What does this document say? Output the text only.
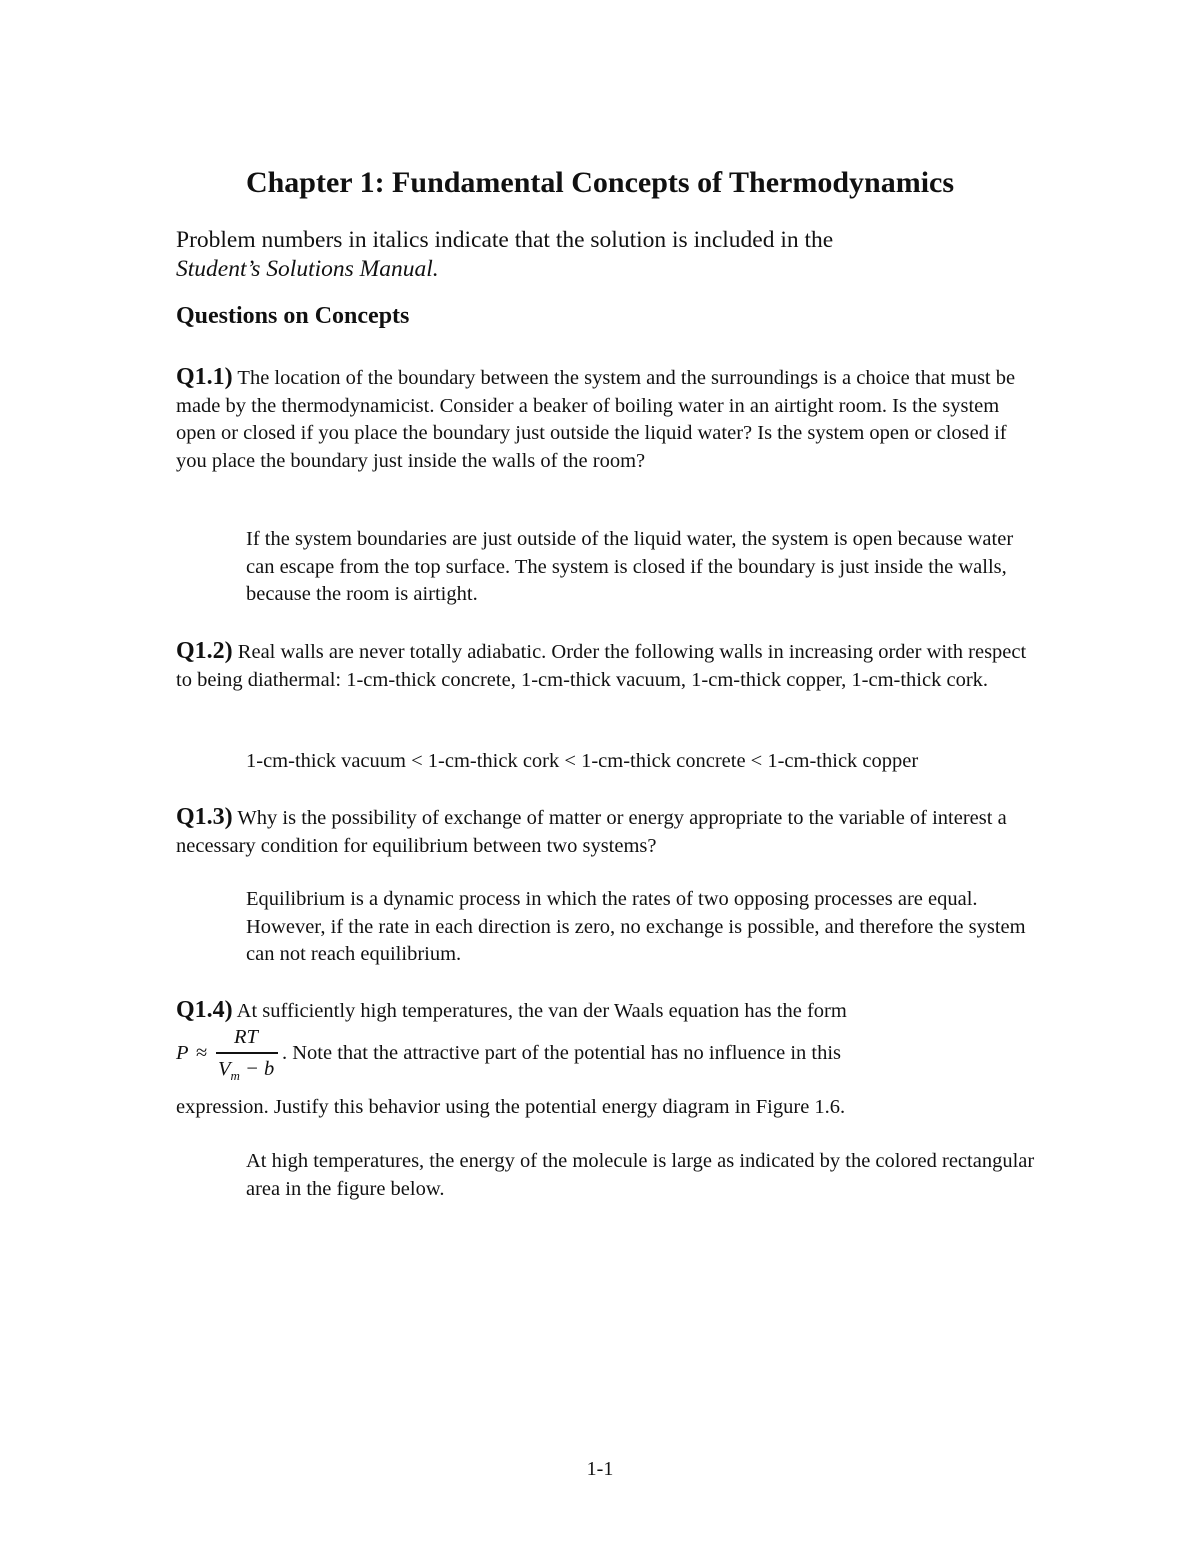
Chapter 1: Fundamental Concepts of Thermodynamics

Problem numbers in italics indicate that the solution is included in the
Student’s Solutions Manual.

Questions on Concepts

Q1.1) The location of the boundary between the system and the surroundings is a choice that must be made by the thermodynamicist. Consider a beaker of boiling water in an airtight room. Is the system open or closed if you place the boundary just outside the liquid water? Is the system open or closed if you place the boundary just inside the walls of the room?

If the system boundaries are just outside of the liquid water, the system is open because water can escape from the top surface. The system is closed if the boundary is just inside the walls, because the room is airtight.

Q1.2) Real walls are never totally adiabatic. Order the following walls in increasing order with respect to being diathermal: 1-cm-thick concrete, 1-cm-thick vacuum, 1-cm-thick copper, 1-cm-thick cork.

1-cm-thick vacuum < 1-cm-thick cork < 1-cm-thick concrete < 1-cm-thick copper

Q1.3) Why is the possibility of exchange of matter or energy appropriate to the variable of interest a necessary condition for equilibrium between two systems?

Equilibrium is a dynamic process in which the rates of two opposing processes are equal. However, if the rate in each direction is zero, no exchange is possible, and therefore the system can not reach equilibrium.

Q1.4) At sufficiently high temperatures, the van der Waals equation has the form

P ≈
RT
$V_m - b$
. Note that the attractive part of the potential has no influence in this

expression. Justify this behavior using the potential energy diagram in Figure 1.6.

At high temperatures, the energy of the molecule is large as indicated by the colored rectangular area in the figure below.

1-1
